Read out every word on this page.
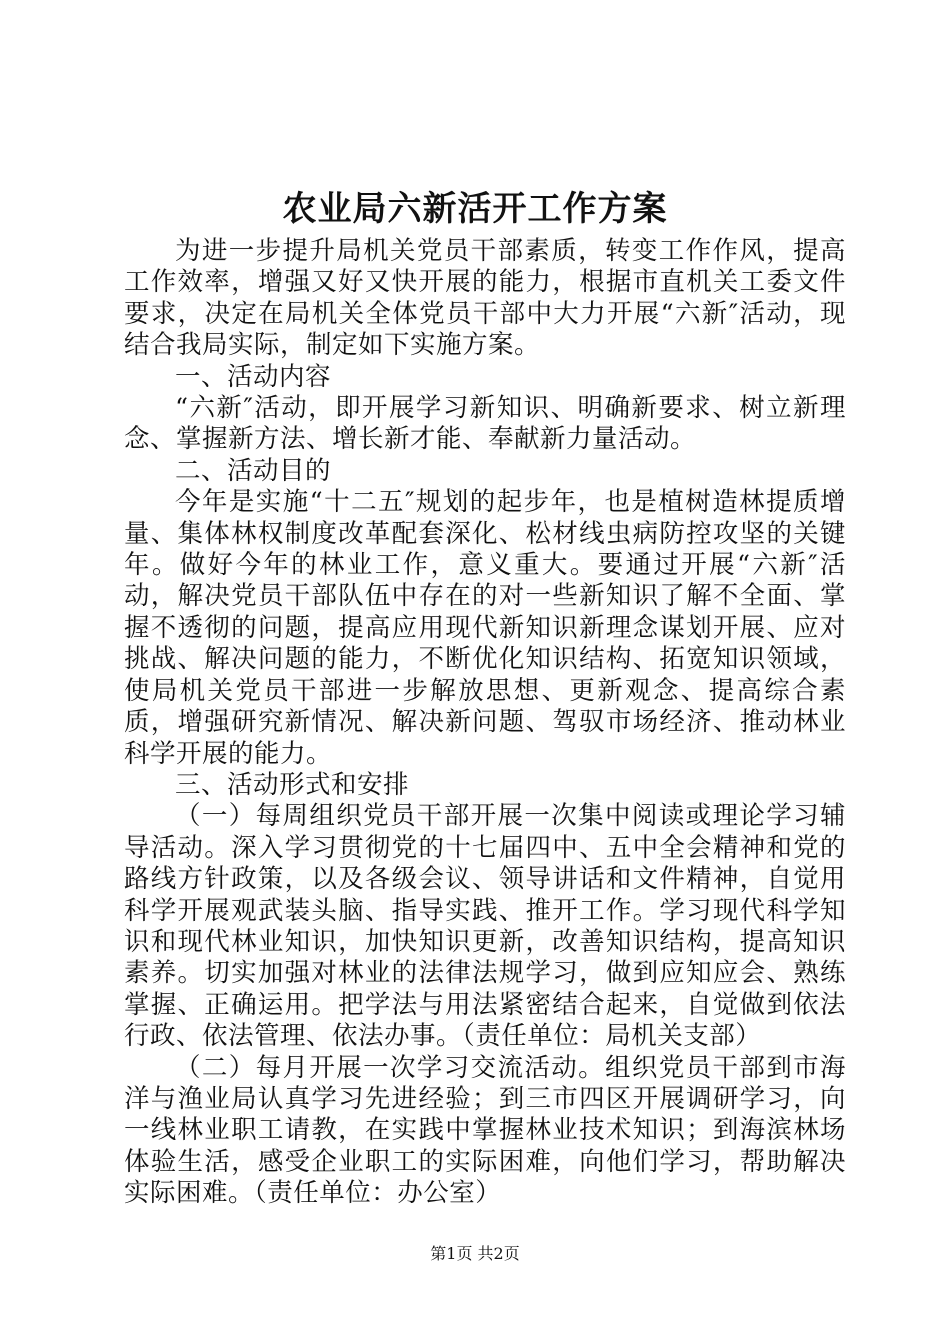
农业局六新活开工作方案

为进一步提升局机关党员干部素质，转变工作作风，提高工作效率，增强又好又快开展的能力，根据市直机关工委文件要求，决定在局机关全体党员干部中大力开展“六新″活动，现结合我局实际，制定如下实施方案。

一、活动内容

“六新″活动，即开展学习新知识、明确新要求、树立新理念、掌握新方法、增长新才能、奉献新力量活动。

二、活动目的

今年是实施“十二五″规划的起步年，也是植树造林提质增量、集体林权制度改革配套深化、松材线虫病防控攻坚的关键年。做好今年的林业工作，意义重大。要通过开展“六新″活动，解决党员干部队伍中存在的对一些新知识了解不全面、掌握不透彻的问题，提高应用现代新知识新理念谋划开展、应对挑战、解决问题的能力，不断优化知识结构、拓宽知识领域，使局机关党员干部进一步解放思想、更新观念、提高综合素质，增强研究新情况、解决新问题、驾驭市场经济、推动林业科学开展的能力。

三、活动形式和安排

（一）每周组织党员干部开展一次集中阅读或理论学习辅导活动。深入学习贯彻党的十七届四中、五中全会精神和党的路线方针政策，以及各级会议、领导讲话和文件精神，自觉用科学开展观武装头脑、指导实践、推开工作。学习现代科学知识和现代林业知识，加快知识更新，改善知识结构，提高知识素养。切实加强对林业的法律法规学习，做到应知应会、熟练掌握、正确运用。把学法与用法紧密结合起来，自觉做到依法行政、依法管理、依法办事。（责任单位：局机关支部）

（二）每月开展一次学习交流活动。组织党员干部到市海洋与渔业局认真学习先进经验；到三市四区开展调研学习，向一线林业职工请教，在实践中掌握林业技术知识；到海滨林场体验生活，感受企业职工的实际困难，向他们学习，帮助解决实际困难。（责任单位：办公室）

第1页 共2页
